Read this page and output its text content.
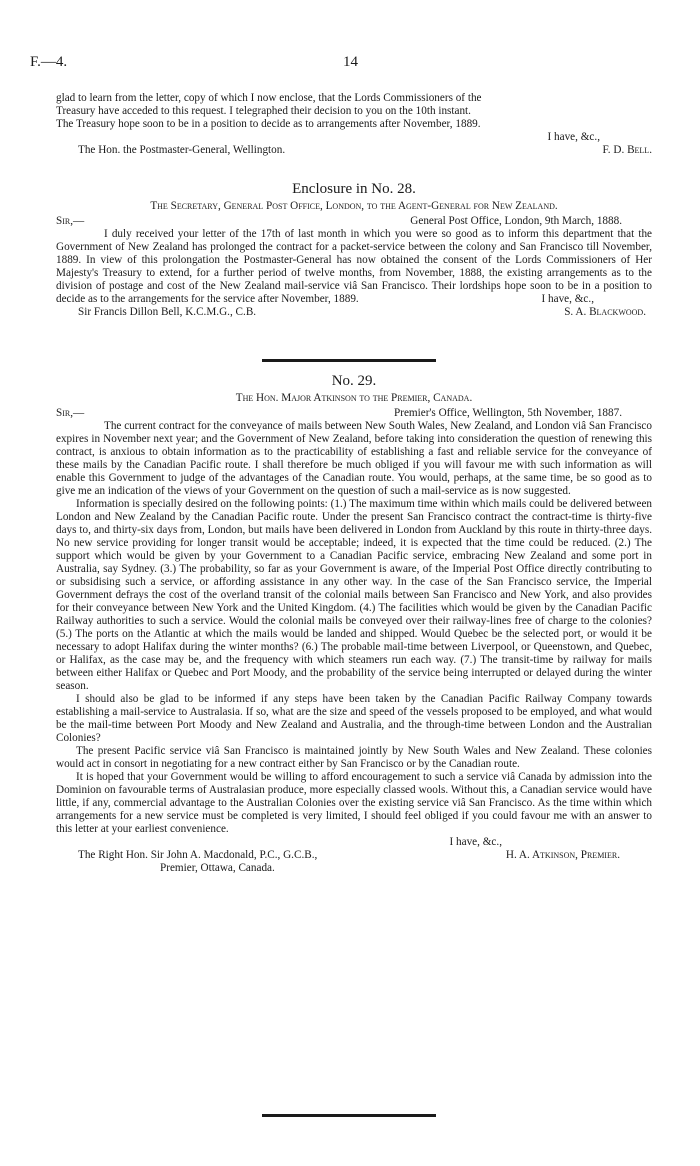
F.—4.	14

glad to learn from the letter, copy of which I now enclose, that the Lords Commissioners of the

Treasury have acceded to this request. I telegraphed their decision to you on the 10th instant.

The Treasury hope soon to be in a position to decide as to arrangements after November, 1889.

I have, &c.,

The Hon. the Postmaster-General, Wellington.	F. D. Bell.

Enclosure in No. 28.

The Secretary, General Post Office, London, to the Agent-General for New Zealand.

Sir,—	General Post Office, London, 9th March, 1888.

I duly received your letter of the 17th of last month in which you were so good as to inform this department that the Government of New Zealand has prolonged the contract for a packet-service between the colony and San Francisco till November, 1889. In view of this prolongation the Postmaster-General has now obtained the consent of the Lords Commissioners of Her Majesty's Treasury to extend, for a further period of twelve months, from November, 1888, the existing arrangements as to the division of postage and cost of the New Zealand mail-service viâ San Francisco. Their lordships hope soon to be in a position to decide as to the arrangements for the service after November, 1889.	I have, &c.,

Sir Francis Dillon Bell, K.C.M.G., C.B.	S. A. Blackwood.

No. 29.

The Hon. Major Atkinson to the Premier, Canada.

Sir,—	Premier's Office, Wellington, 5th November, 1887.

The current contract for the conveyance of mails between New South Wales, New Zealand, and London viâ San Francisco expires in November next year; and the Government of New Zealand, before taking into consideration the question of renewing this contract, is anxious to obtain information as to the practicability of establishing a fast and reliable service for the conveyance of these mails by the Canadian Pacific route. I shall therefore be much obliged if you will favour me with such information as will enable this Government to judge of the advantages of the Canadian route. You would, perhaps, at the same time, be so good as to give me an indication of the views of your Government on the question of such a mail-service as is now suggested.

Information is specially desired on the following points: (1.) The maximum time within which mails could be delivered between London and New Zealand by the Canadian Pacific route. Under the present San Francisco contract the contract-time is thirty-five days to, and thirty-six days from, London, but mails have been delivered in London from Auckland by this route in thirty-three days. No new service providing for longer transit would be acceptable; indeed, it is expected that the time could be reduced. (2.) The support which would be given by your Government to a Canadian Pacific service, embracing New Zealand and some port in Australia, say Sydney. (3.) The probability, so far as your Government is aware, of the Imperial Post Office directly contributing to or subsidising such a service, or affording assistance in any other way. In the case of the San Francisco service, the Imperial Government defrays the cost of the overland transit of the colonial mails between San Francisco and New York, and also provides for their conveyance between New York and the United Kingdom. (4.) The facilities which would be given by the Canadian Pacific Railway authorities to such a service. Would the colonial mails be conveyed over their railway-lines free of charge to the colonies? (5.) The ports on the Atlantic at which the mails would be landed and shipped. Would Quebec be the selected port, or would it be necessary to adopt Halifax during the winter months? (6.) The probable mail-time between Liverpool, or Queenstown, and Quebec, or Halifax, as the case may be, and the frequency with which steamers run each way. (7.) The transit-time by railway for mails between either Halifax or Quebec and Port Moody, and the probability of the service being interrupted or delayed during the winter season.

I should also be glad to be informed if any steps have been taken by the Canadian Pacific Railway Company towards establishing a mail-service to Australasia. If so, what are the size and speed of the vessels proposed to be employed, and what would be the mail-time between Port Moody and New Zealand and Australia, and the through-time between London and the Australian Colonies?

The present Pacific service viâ San Francisco is maintained jointly by New South Wales and New Zealand. These colonies would act in consort in negotiating for a new contract either by San Francisco or by the Canadian route.

It is hoped that your Government would be willing to afford encouragement to such a service viâ Canada by admission into the Dominion on favourable terms of Australasian produce, more especially classed wools. Without this, a Canadian service would have little, if any, commercial advantage to the Australian Colonies over the existing service viâ San Francisco. As the time within which arrangements for a new service must be completed is very limited, I should feel obliged if you could favour me with an answer to this letter at your earliest convenience.

I have, &c.,

The Right Hon. Sir John A. Macdonald, P.C., G.C.B.,	H. A. Atkinson, Premier.

Premier, Ottawa, Canada.
